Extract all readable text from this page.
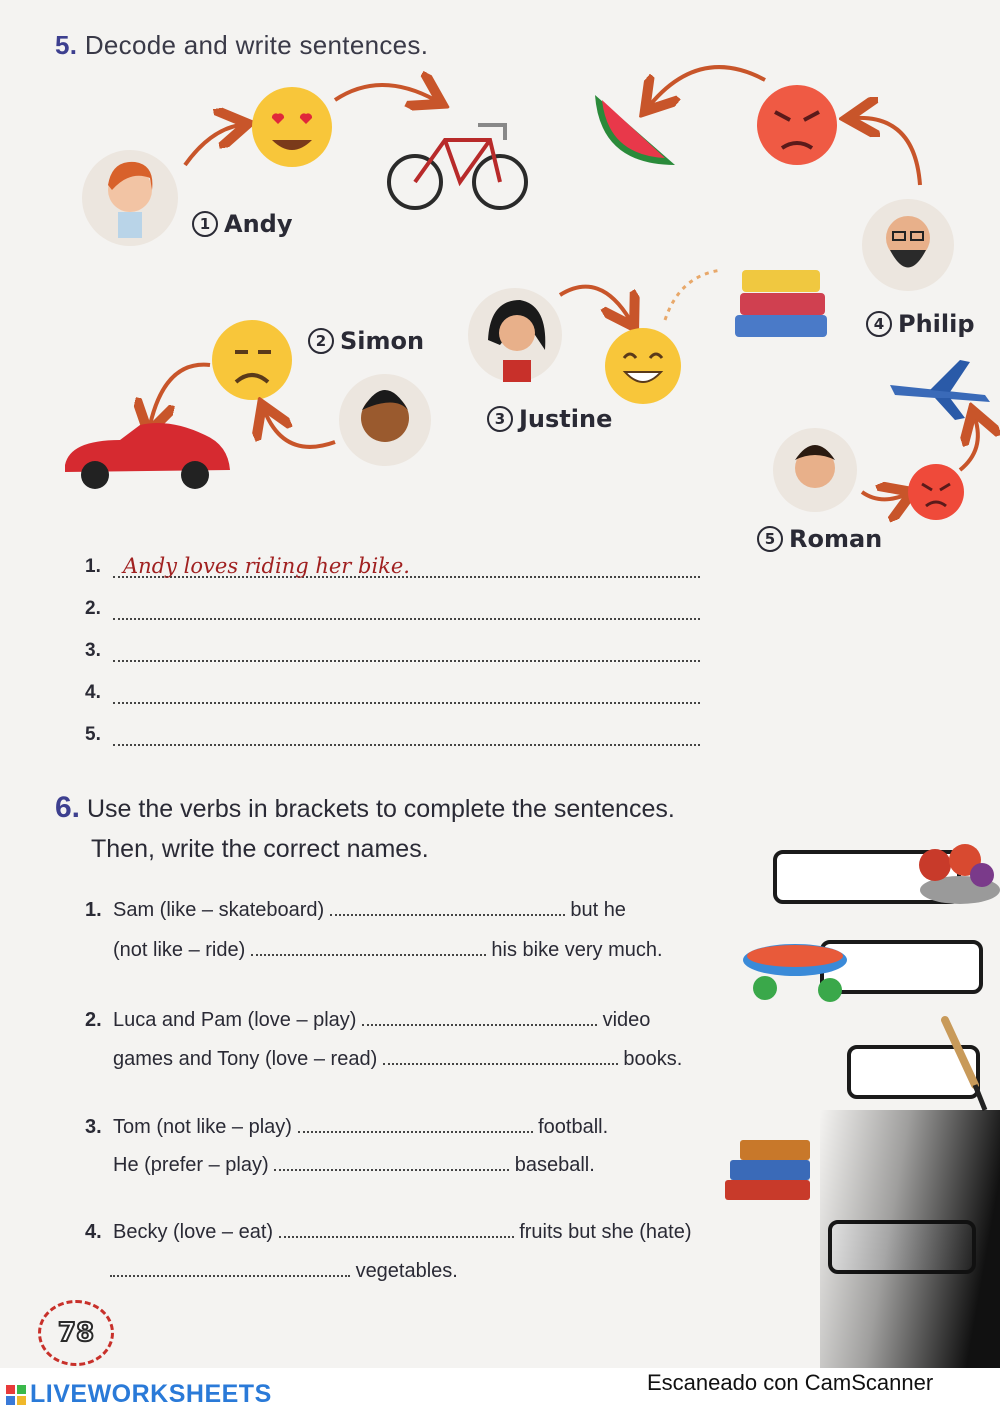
5. Decode and write sentences.
1 Andy
2 Simon
3 Justine
4 Philip
5 Roman
1.	Andy loves riding her bike.
2.
3.
4.
5.
6. Use the verbs in brackets to complete the sentences.
Then, write the correct names.
1. Sam (like – skateboard)	but he
(not like – ride)	his bike very much.
2. Luca and Pam (love – play)	video
games and Tony (love – read)	books.
3. Tom (not like – play)	football.
He (prefer – play)	baseball.
4. Becky (love – eat)	fruits but she (hate)
vegetables.
78
LIVEWORKSHEETS	Escaneado con CamScanner
